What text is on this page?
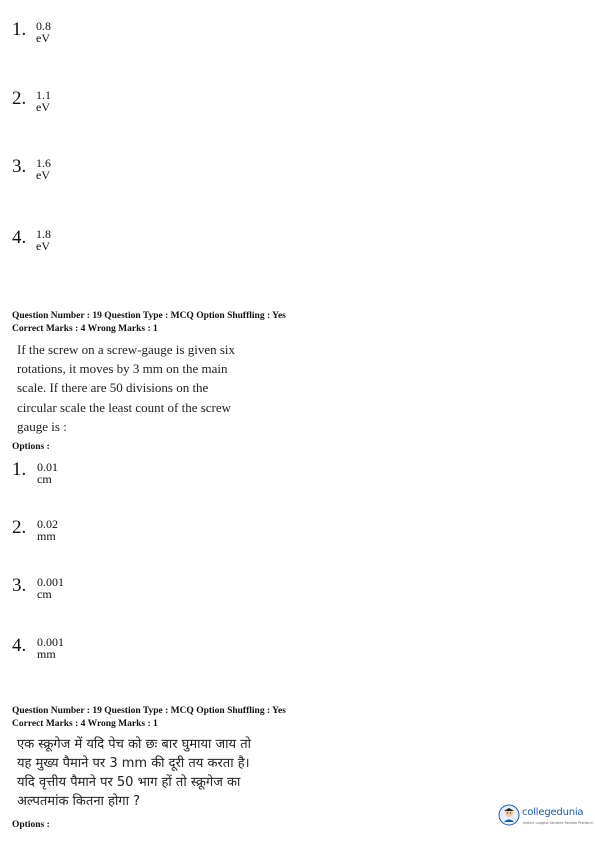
1. 0.8 eV
2. 1.1 eV
3. 1.6 eV
4. 1.8 eV
Question Number : 19 Question Type : MCQ Option Shuffling : Yes
Correct Marks : 4 Wrong Marks : 1
If the screw on a screw-gauge is given six
rotations, it moves by 3 mm on the main
scale. If there are 50 divisions on the
circular scale the least count of the screw
gauge is :
Options :
1. 0.01 cm
2. 0.02 mm
3. 0.001 cm
4. 0.001 mm
Question Number : 19 Question Type : MCQ Option Shuffling : Yes
Correct Marks : 4 Wrong Marks : 1
एक स्क्रूगेज में यदि पेच को छः बार घुमाया जाय तो
यह मुख्य पैमाने पर 3 mm की दूरी तय करता है।
यदि वृत्तीय पैमाने पर 50 भाग हों तो स्क्रूगेज का
अल्पतमांक कितना होगा ?
Options :
collegedunia
India's Largest Student Review Platform
